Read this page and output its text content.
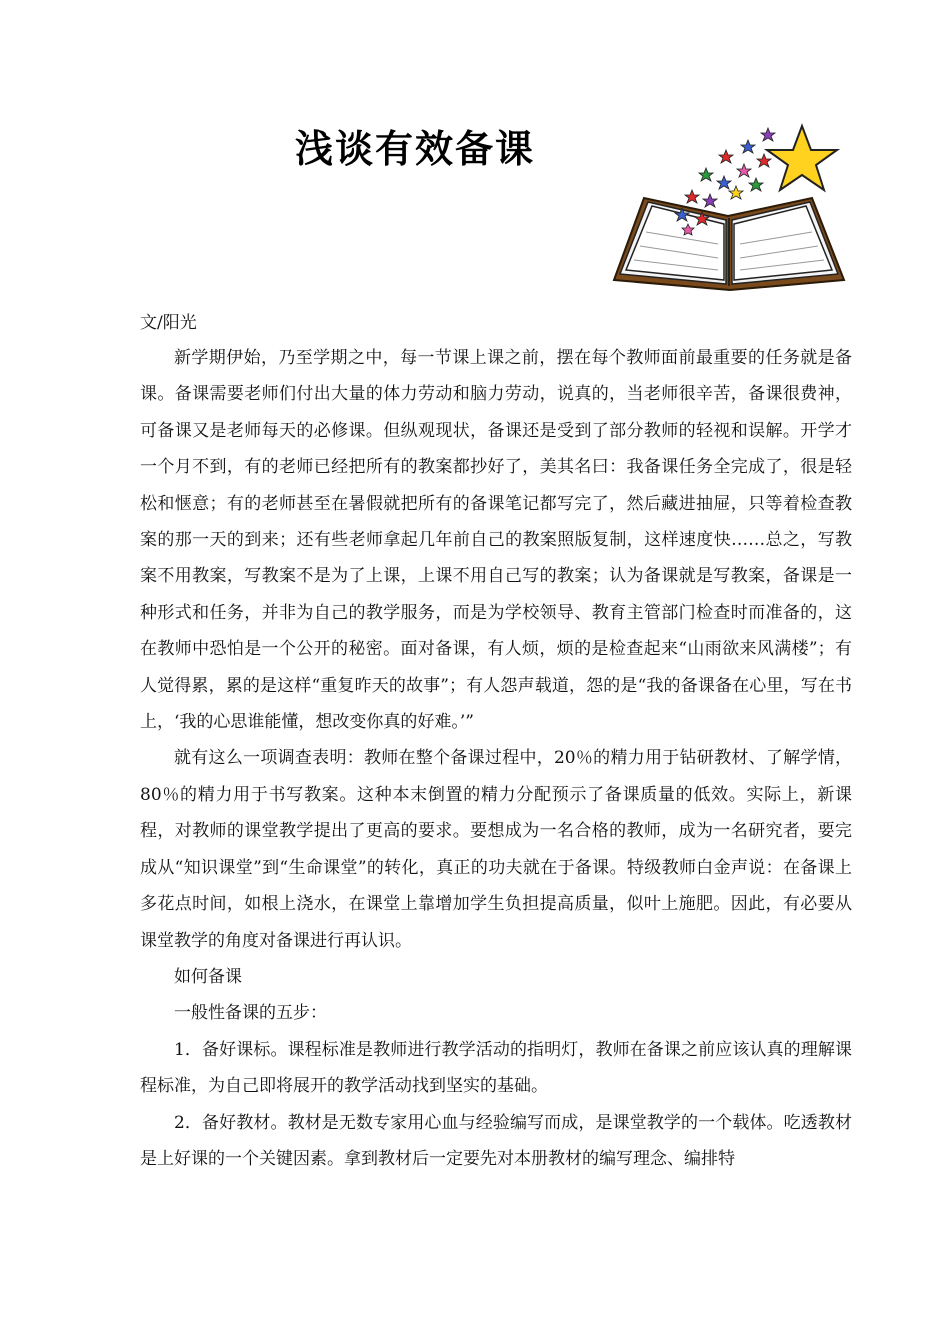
浅谈有效备课
文/阳光

新学期伊始，乃至学期之中，每一节课上课之前，摆在每个教师面前最重要的任务就是备课。备课需要老师们付出大量的体力劳动和脑力劳动，说真的，当老师很辛苦，备课很费神，可备课又是老师每天的必修课。但纵观现状，备课还是受到了部分教师的轻视和误解。开学才一个月不到，有的老师已经把所有的教案都抄好了，美其名曰：我备课任务全完成了，很是轻松和惬意；有的老师甚至在暑假就把所有的备课笔记都写完了，然后藏进抽屉，只等着检查教案的那一天的到来；还有些老师拿起几年前自己的教案照版复制，这样速度快……总之，写教案不用教案，写教案不是为了上课，上课不用自己写的教案；认为备课就是写教案，备课是一种形式和任务，并非为自己的教学服务，而是为学校领导、教育主管部门检查时而准备的，这在教师中恐怕是一个公开的秘密。面对备课，有人烦，烦的是检查起来“山雨欲来风满楼”；有人觉得累，累的是这样“重复昨天的故事”；有人怨声载道，怨的是“我的备课备在心里，写在书上，‘我的心思谁能懂，想改变你真的好难。’”

就有这么一项调查表明：教师在整个备课过程中，20％的精力用于钻研教材、了解学情，80％的精力用于书写教案。这种本末倒置的精力分配预示了备课质量的低效。实际上，新课程，对教师的课堂教学提出了更高的要求。要想成为一名合格的教师，成为一名研究者，要完成从“知识课堂”到“生命课堂”的转化，真正的功夫就在于备课。特级教师白金声说：在备课上多花点时间，如根上浇水，在课堂上靠增加学生负担提高质量，似叶上施肥。因此，有必要从课堂教学的角度对备课进行再认识。

如何备课

一般性备课的五步：

1．备好课标。课程标准是教师进行教学活动的指明灯，教师在备课之前应该认真的理解课程标准，为自己即将展开的教学活动找到坚实的基础。

2．备好教材。教材是无数专家用心血与经验编写而成，是课堂教学的一个载体。吃透教材是上好课的一个关键因素。拿到教材后一定要先对本册教材的编写理念、编排特
